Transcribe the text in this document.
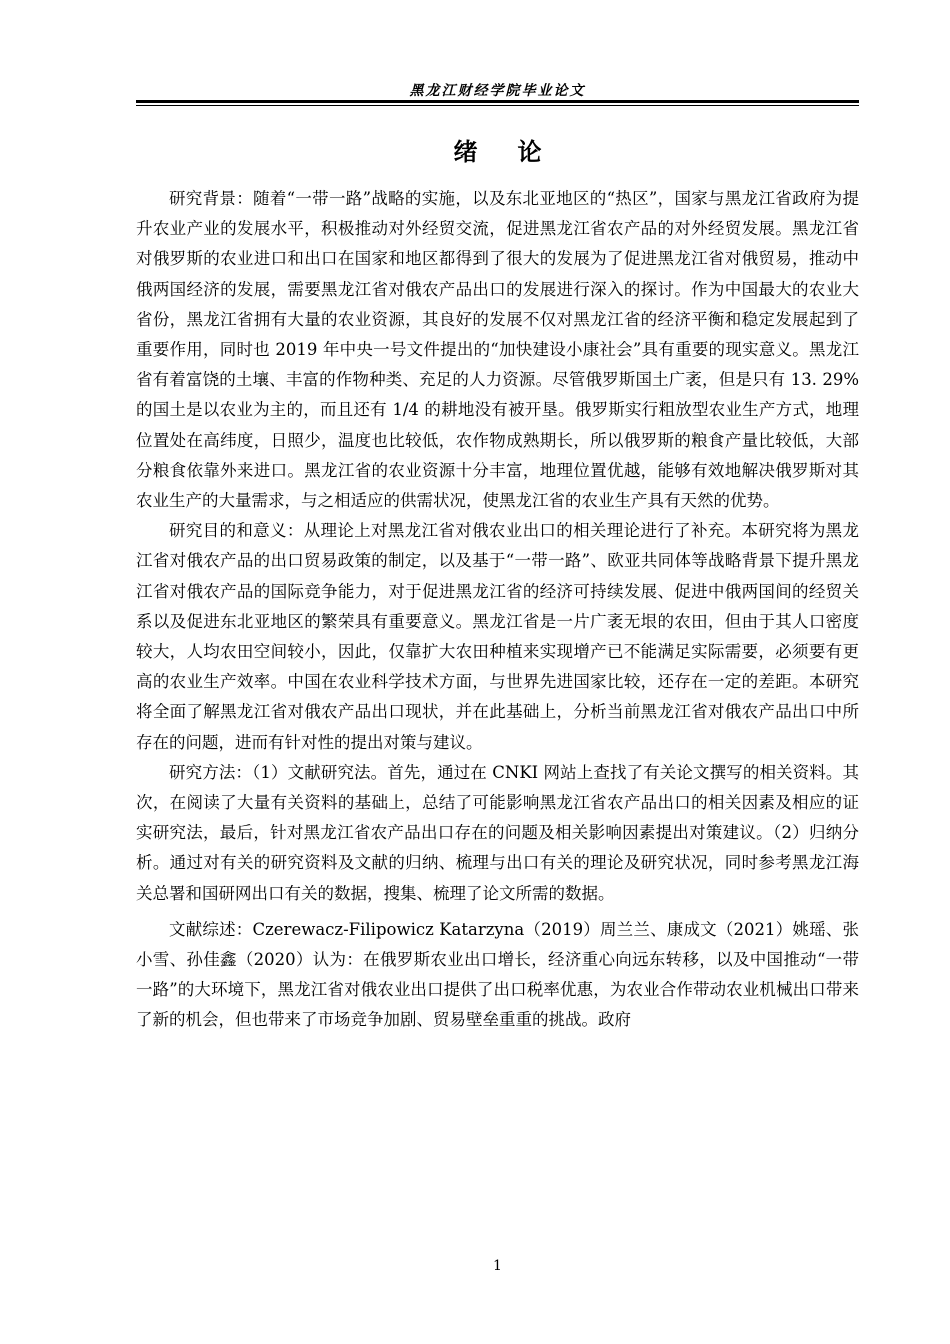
黑龙江财经学院毕业论文
绪论

研究背景：随着“一带一路”战略的实施，以及东北亚地区的“热区”，国家与黑龙江省政府为提升农业产业的发展水平，积极推动对外经贸交流，促进黑龙江省农产品的对外经贸发展。黑龙江省对俄罗斯的农业进口和出口在国家和地区都得到了很大的发展为了促进黑龙江省对俄贸易，推动中俄两国经济的发展，需要黑龙江省对俄农产品出口的发展进行深入的探讨。作为中国最大的农业大省份，黑龙江省拥有大量的农业资源，其良好的发展不仅对黑龙江省的经济平衡和稳定发展起到了重要作用，同时也 2019 年中央一号文件提出的“加快建设小康社会”具有重要的现实意义。黑龙江省有着富饶的土壤、丰富的作物种类、充足的人力资源。尽管俄罗斯国土广袤，但是只有 13. 29%的国土是以农业为主的，而且还有 1/4 的耕地没有被开垦。俄罗斯实行粗放型农业生产方式，地理位置处在高纬度，日照少，温度也比较低，农作物成熟期长，所以俄罗斯的粮食产量比较低，大部分粮食依靠外来进口。黑龙江省的农业资源十分丰富，地理位置优越，能够有效地解决俄罗斯对其农业生产的大量需求，与之相适应的供需状况，使黑龙江省的农业生产具有天然的优势。

研究目的和意义：从理论上对黑龙江省对俄农业出口的相关理论进行了补充。本研究将为黑龙江省对俄农产品的出口贸易政策的制定，以及基于“一带一路”、欧亚共同体等战略背景下提升黑龙江省对俄农产品的国际竞争能力，对于促进黑龙江省的经济可持续发展、促进中俄两国间的经贸关系以及促进东北亚地区的繁荣具有重要意义。黑龙江省是一片广袤无垠的农田，但由于其人口密度较大，人均农田空间较小，因此，仅靠扩大农田种植来实现增产已不能满足实际需要，必须要有更高的农业生产效率。中国在农业科学技术方面，与世界先进国家比较，还存在一定的差距。本研究将全面了解黑龙江省对俄农产品出口现状，并在此基础上，分析当前黑龙江省对俄农产品出口中所存在的问题，进而有针对性的提出对策与建议。

研究方法：（1）文献研究法。首先，通过在 CNKI 网站上查找了有关论文撰写的相关资料。其次，在阅读了大量有关资料的基础上，总结了可能影响黑龙江省农产品出口的相关因素及相应的证实研究法，最后，针对黑龙江省农产品出口存在的问题及相关影响因素提出对策建议。（2）归纳分析。通过对有关的研究资料及文献的归纳、梳理与出口有关的理论及研究状况，同时参考黑龙江海关总署和国研网出口有关的数据，搜集、梳理了论文所需的数据。

文献综述：Czerewacz-Filipowicz Katarzyna（2019）周兰兰、康成文（2021）姚瑶、张小雪、孙佳鑫（2020）认为：在俄罗斯农业出口增长，经济重心向远东转移，以及中国推动“一带一路”的大环境下，黑龙江省对俄农业出口提供了出口税率优惠，为农业合作带动农业机械出口带来了新的机会，但也带来了市场竞争加剧、贸易壁垒重重的挑战。政府

1
